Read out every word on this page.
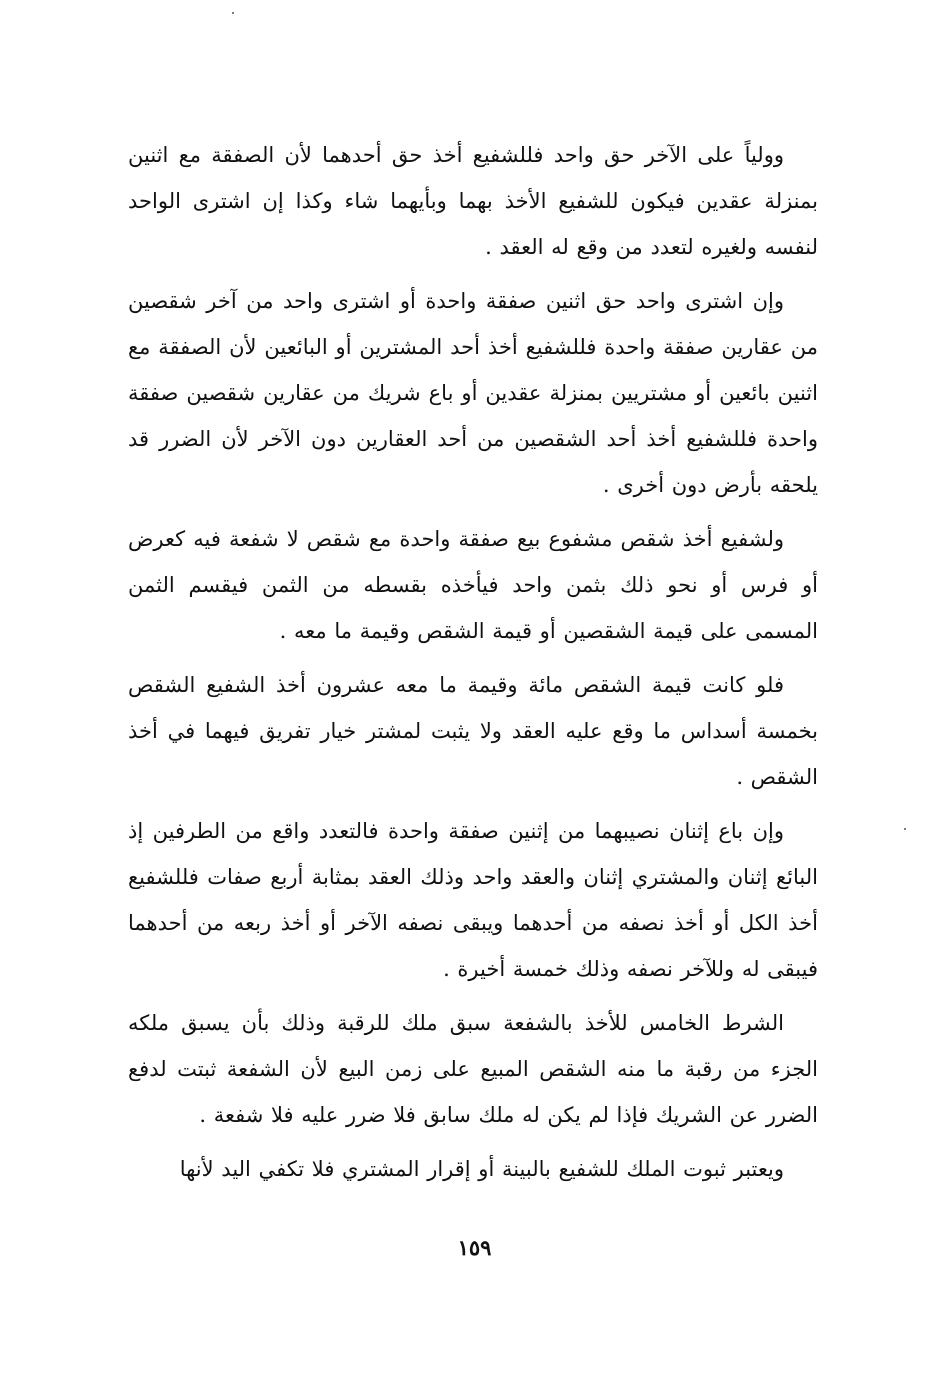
وولياً على الآخر حق واحد فللشفيع أخذ حق أحدهما لأن الصفقة مع اثنين بمنزلة عقدين فيكون للشفيع الأخذ بهما وبأيهما شاء وكذا إن اشترى الواحد لنفسه ولغيره لتعدد من وقع له العقد .

وإن اشترى واحد حق اثنين صفقة واحدة أو اشترى واحد من آخر شقصين من عقارين صفقة واحدة فللشفيع أخذ أحد المشترين أو البائعين لأن الصفقة مع اثنين بائعين أو مشتريين بمنزلة عقدين أو باع شريك من عقارين شقصين صفقة واحدة فللشفيع أخذ أحد الشقصين من أحد العقارين دون الآخر لأن الضرر قد يلحقه بأرض دون أخرى .

ولشفيع أخذ شقص مشفوع بيع صفقة واحدة مع شقص لا شفعة فيه كعرض أو فرس أو نحو ذلك بثمن واحد فيأخذه بقسطه من الثمن فيقسم الثمن المسمى على قيمة الشقصين أو قيمة الشقص وقيمة ما معه .

فلو كانت قيمة الشقص مائة وقيمة ما معه عشرون أخذ الشفيع الشقص بخمسة أسداس ما وقع عليه العقد ولا يثبت لمشتر خيار تفريق فيهما في أخذ الشقص .

وإن باع إثنان نصيبهما من إثنين صفقة واحدة فالتعدد واقع من الطرفين إذ البائع إثنان والمشتري إثنان والعقد واحد وذلك العقد بمثابة أربع صفات فللشفيع أخذ الكل أو أخذ نصفه من أحدهما ويبقى نصفه الآخر أو أخذ ربعه من أحدهما فيبقى له وللآخر نصفه وذلك خمسة أخيرة .

الشرط الخامس للأخذ بالشفعة سبق ملك للرقبة وذلك بأن يسبق ملكه الجزء من رقبة ما منه الشقص المبيع على زمن البيع لأن الشفعة ثبتت لدفع الضرر عن الشريك فإذا لم يكن له ملك سابق فلا ضرر عليه فلا شفعة .

ويعتبر ثبوت الملك للشفيع بالبينة أو إقرار المشتري فلا تكفي اليد لأنها

١٥٩
